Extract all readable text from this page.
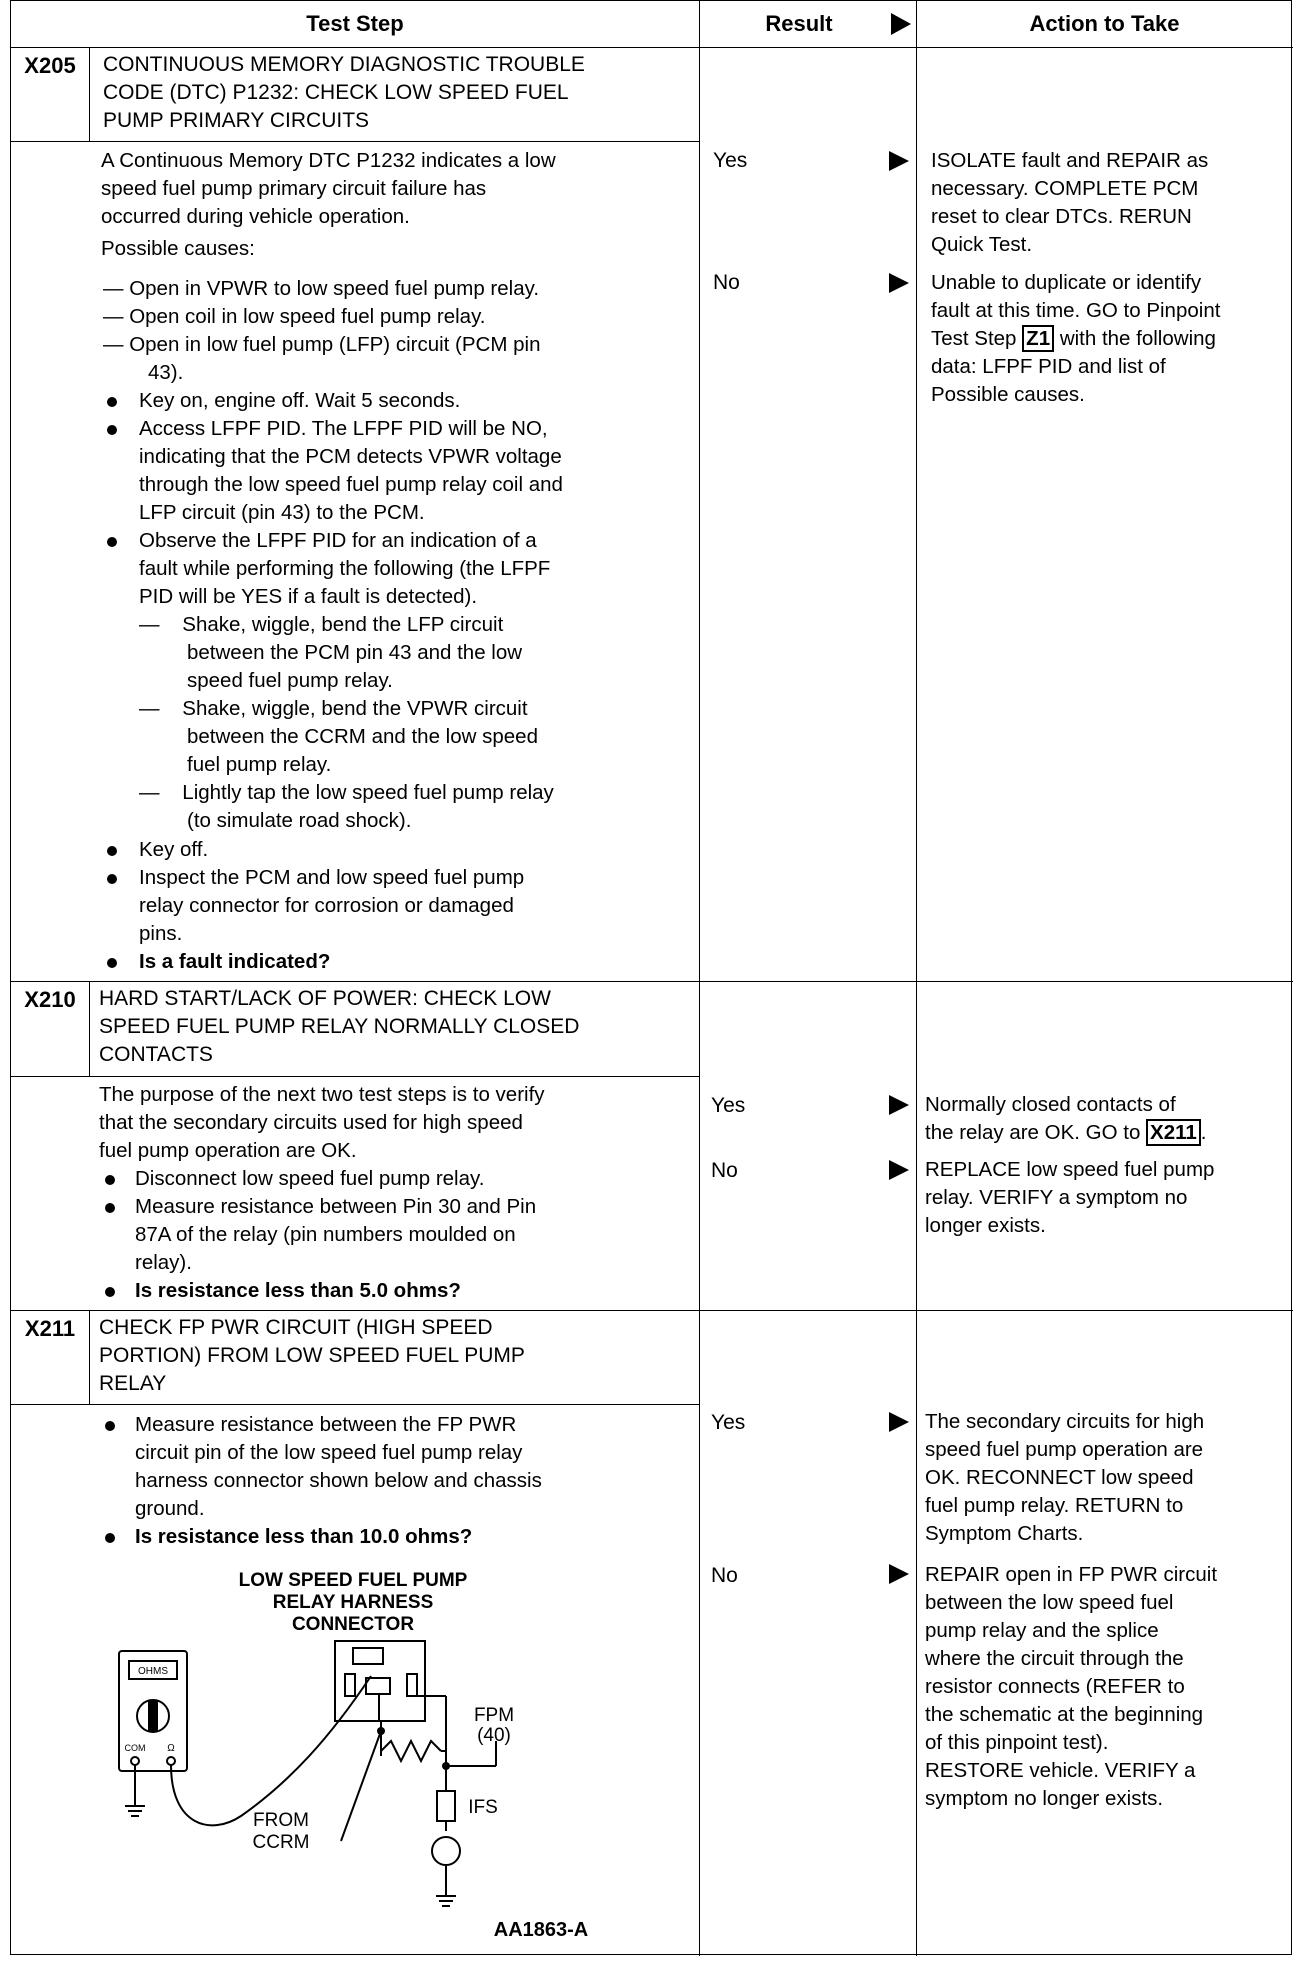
Test Step	Result	Action to Take
X205	CONTINUOUS MEMORY DIAGNOSTIC TROUBLE
CODE (DTC) P1232: CHECK LOW SPEED FUEL
PUMP PRIMARY CIRCUITS
A Continuous Memory DTC P1232 indicates a low
speed fuel pump primary circuit failure has
occurred during vehicle operation.
Possible causes:
— Open in VPWR to low speed fuel pump relay.
— Open coil in low speed fuel pump relay.
— Open in low fuel pump (LFP) circuit (PCM pin
43).
Key on, engine off. Wait 5 seconds.
Access LFPF PID. The LFPF PID will be NO,
indicating that the PCM detects VPWR voltage
through the low speed fuel pump relay coil and
LFP circuit (pin 43) to the PCM.
Observe the LFPF PID for an indication of a
fault while performing the following (the LFPF
PID will be YES if a fault is detected).
—    Shake, wiggle, bend the LFP circuit
between the PCM pin 43 and the low
speed fuel pump relay.
—    Shake, wiggle, bend the VPWR circuit
between the CCRM and the low speed
fuel pump relay.
—    Lightly tap the low speed fuel pump relay
(to simulate road shock).
Key off.
Inspect the PCM and low speed fuel pump
relay connector for corrosion or damaged
pins.
Is a fault indicated?
Yes	ISOLATE fault and REPAIR as
necessary. COMPLETE PCM
reset to clear DTCs. RERUN
Quick Test.
No	Unable to duplicate or identify
fault at this time. GO to Pinpoint
Test Step Z1 with the following
data: LFPF PID and list of
Possible causes.
X210	HARD START/LACK OF POWER: CHECK LOW
SPEED FUEL PUMP RELAY NORMALLY CLOSED
CONTACTS
The purpose of the next two test steps is to verify
that the secondary circuits used for high speed
fuel pump operation are OK.
Disconnect low speed fuel pump relay.
Measure resistance between Pin 30 and Pin
87A of the relay (pin numbers moulded on
relay).
Is resistance less than 5.0 ohms?
Yes	Normally closed contacts of
the relay are OK. GO to X211 .
No	REPLACE low speed fuel pump
relay. VERIFY a symptom no
longer exists.
X211	CHECK FP PWR CIRCUIT (HIGH SPEED
PORTION) FROM LOW SPEED FUEL PUMP
RELAY
Measure resistance between the FP PWR
circuit pin of the low speed fuel pump relay
harness connector shown below and chassis
ground.
Is resistance less than 10.0 ohms?
LOW SPEED FUEL PUMP
RELAY HARNESS
CONNECTOR
OHMS
COM Ω
FPM
(40)
FROM
CCRM
IFS
AA1863-A
Yes	The secondary circuits for high
speed fuel pump operation are
OK. RECONNECT low speed
fuel pump relay. RETURN to
Symptom Charts.
No	REPAIR open in FP PWR circuit
between the low speed fuel
pump relay and the splice
where the circuit through the
resistor connects (REFER to
the schematic at the beginning
of this pinpoint test).
RESTORE vehicle. VERIFY a
symptom no longer exists.
